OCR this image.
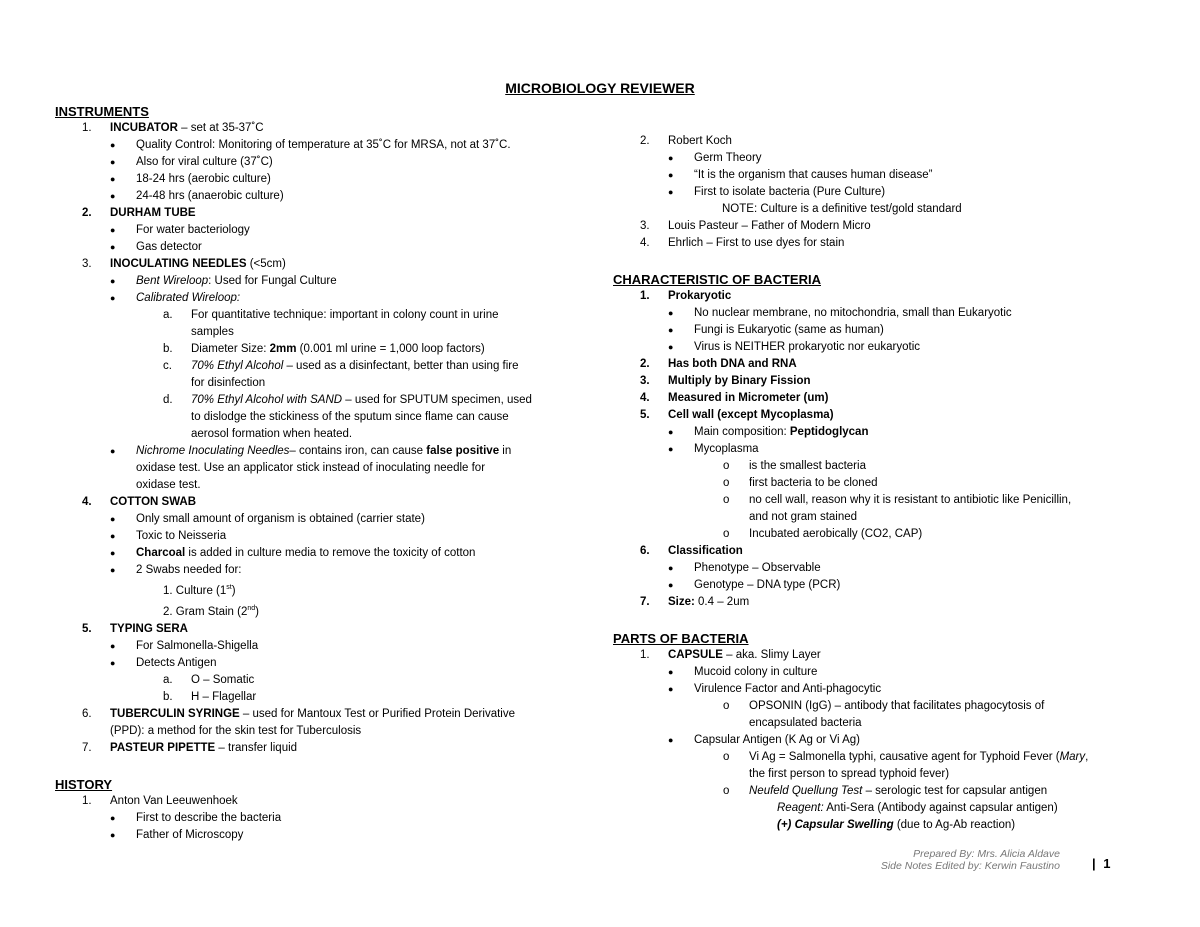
MICROBIOLOGY REVIEWER
INSTRUMENTS
1. INCUBATOR – set at 35-37˚C
● Quality Control: Monitoring of temperature at 35˚C for MRSA, not at 37˚C.
● Also for viral culture (37˚C)
● 18-24 hrs (aerobic culture)
● 24-48 hrs (anaerobic culture)
2. DURHAM TUBE
● For water bacteriology
● Gas detector
3. INOCULATING NEEDLES (<5cm)
● Bent Wireloop: Used for Fungal Culture
● Calibrated Wireloop:
a. For quantitative technique: important in colony count in urine
samples
b. Diameter Size: 2mm (0.001 ml urine = 1,000 loop factors)
c. 70% Ethyl Alcohol – used as a disinfectant, better than using fire
for disinfection
d. 70% Ethyl Alcohol with SAND – used for SPUTUM specimen, used
to dislodge the stickiness of the sputum since flame can cause
aerosol formation when heated.
● Nichrome Inoculating Needles– contains iron, can cause false positive in
oxidase test. Use an applicator stick instead of inoculating needle for
oxidase test.
4. COTTON SWAB
● Only small amount of organism is obtained (carrier state)
● Toxic to Neisseria
● Charcoal is added in culture media to remove the toxicity of cotton
● 2 Swabs needed for:
1. Culture (1st)
2. Gram Stain (2nd)
5. TYPING SERA
● For Salmonella-Shigella
● Detects Antigen
a. O – Somatic
b. H – Flagellar
6. TUBERCULIN SYRINGE – used for Mantoux Test or Purified Protein Derivative
(PPD): a method for the skin test for Tuberculosis
7. PASTEUR PIPETTE – transfer liquid
HISTORY
1. Anton Van Leeuwenhoek
● First to describe the bacteria
● Father of Microscopy
2. Robert Koch
● Germ Theory
● “It is the organism that causes human disease”
● First to isolate bacteria (Pure Culture)
NOTE: Culture is a definitive test/gold standard
3. Louis Pasteur – Father of Modern Micro
4. Ehrlich – First to use dyes for stain
CHARACTERISTIC OF BACTERIA
1. Prokaryotic
● No nuclear membrane, no mitochondria, small than Eukaryotic
● Fungi is Eukaryotic (same as human)
● Virus is NEITHER prokaryotic nor eukaryotic
2. Has both DNA and RNA
3. Multiply by Binary Fission
4. Measured in Micrometer (um)
5. Cell wall (except Mycoplasma)
● Main composition: Peptidoglycan
● Mycoplasma
o is the smallest bacteria
o first bacteria to be cloned
o no cell wall, reason why it is resistant to antibiotic like Penicillin,
and not gram stained
o Incubated aerobically (CO2, CAP)
6. Classification
● Phenotype – Observable
● Genotype – DNA type (PCR)
7. Size: 0.4 – 2um
PARTS OF BACTERIA
1. CAPSULE – aka. Slimy Layer
● Mucoid colony in culture
● Virulence Factor and Anti-phagocytic
o OPSONIN (IgG) – antibody that facilitates phagocytosis of
encapsulated bacteria
● Capsular Antigen (K Ag or Vi Ag)
o Vi Ag = Salmonella typhi, causative agent for Typhoid Fever (Mary,
the first person to spread typhoid fever)
o Neufeld Quellung Test – serologic test for capsular antigen
Reagent: Anti-Sera (Antibody against capsular antigen)
(+) Capsular Swelling (due to Ag-Ab reaction)
Prepared By: Mrs. Alicia Aldave
Side Notes Edited by: Kerwin Faustino | 1
